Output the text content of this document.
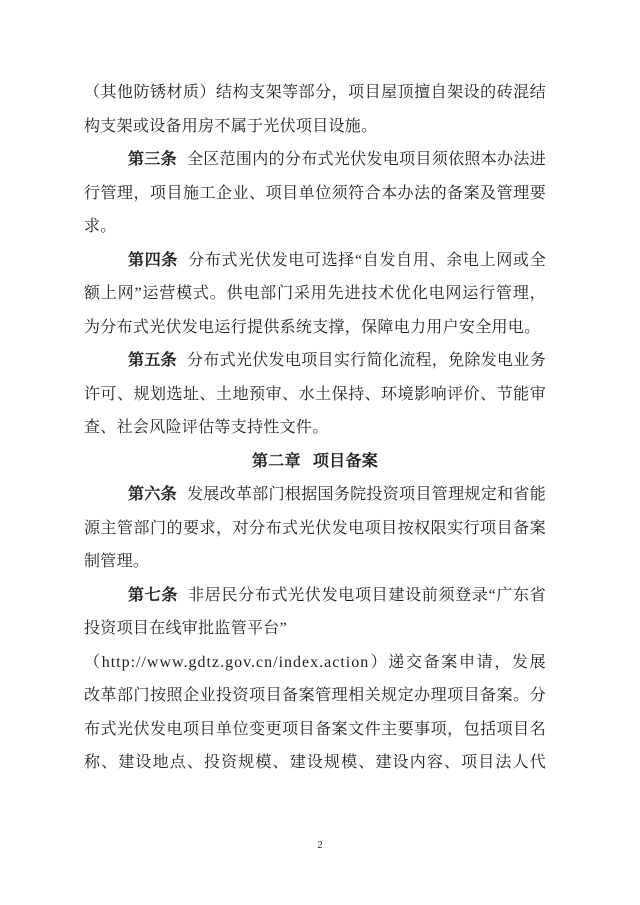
（其他防锈材质）结构支架等部分，项目屋顶擅自架设的砖混结构支架或设备用房不属于光伏项目设施。

第三条 全区范围内的分布式光伏发电项目须依照本办法进行管理，项目施工企业、项目单位须符合本办法的备案及管理要求。

第四条 分布式光伏发电可选择“自发自用、余电上网或全额上网”运营模式。供电部门采用先进技术优化电网运行管理，为分布式光伏发电运行提供系统支撑，保障电力用户安全用电。

第五条 分布式光伏发电项目实行简化流程，免除发电业务许可、规划选址、土地预审、水土保持、环境影响评价、节能审查、社会风险评估等支持性文件。

第二章 项目备案

第六条 发展改革部门根据国务院投资项目管理规定和省能源主管部门的要求，对分布式光伏发电项目按权限实行项目备案制管理。

第七条 非居民分布式光伏发电项目建设前须登录“广东省投资项目在线审批监管平台”

（http://www.gdtz.gov.cn/index.action）递交备案申请，发展改革部门按照企业投资项目备案管理相关规定办理项目备案。分布式光伏发电项目单位变更项目备案文件主要事项，包括项目名称、建设地点、投资规模、建设规模、建设内容、项目法人代

2
